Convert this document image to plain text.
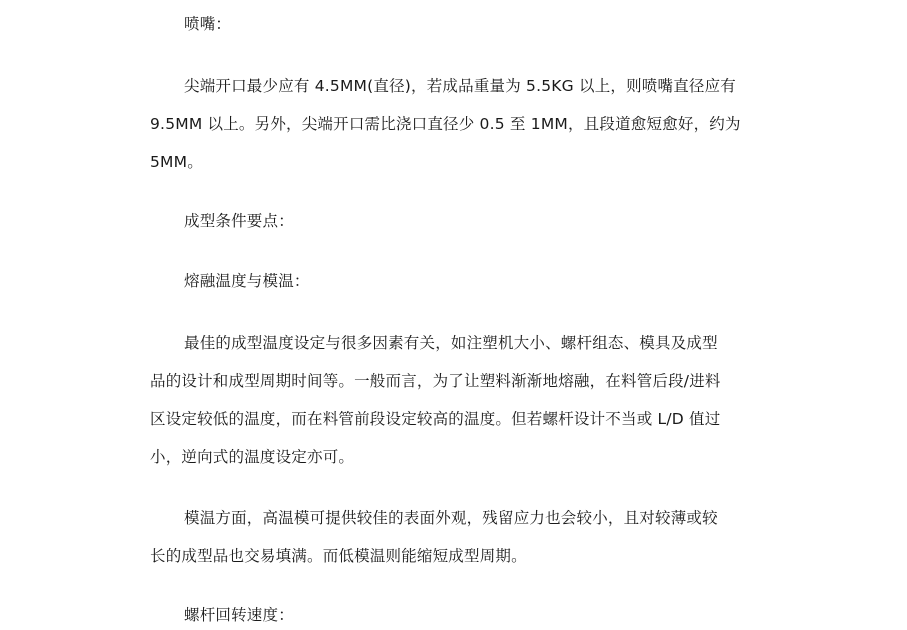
喷嘴：
尖端开口最少应有 4.5MM(直径)，若成品重量为 5.5KG 以上，则喷嘴直径应有
9.5MM 以上。另外，尖端开口需比浇口直径少 0.5 至 1MM，且段道愈短愈好，约为
5MM。
成型条件要点：
熔融温度与模温：
最佳的成型温度设定与很多因素有关，如注塑机大小、螺杆组态、模具及成型
品的设计和成型周期时间等。一般而言，为了让塑料渐渐地熔融，在料管后段/进料
区设定较低的温度，而在料管前段设定较高的温度。但若螺杆设计不当或 L/D 值过
小，逆向式的温度设定亦可。
模温方面，高温模可提供较佳的表面外观，残留应力也会较小，且对较薄或较
长的成型品也交易填满。而低模温则能缩短成型周期。
螺杆回转速度：
